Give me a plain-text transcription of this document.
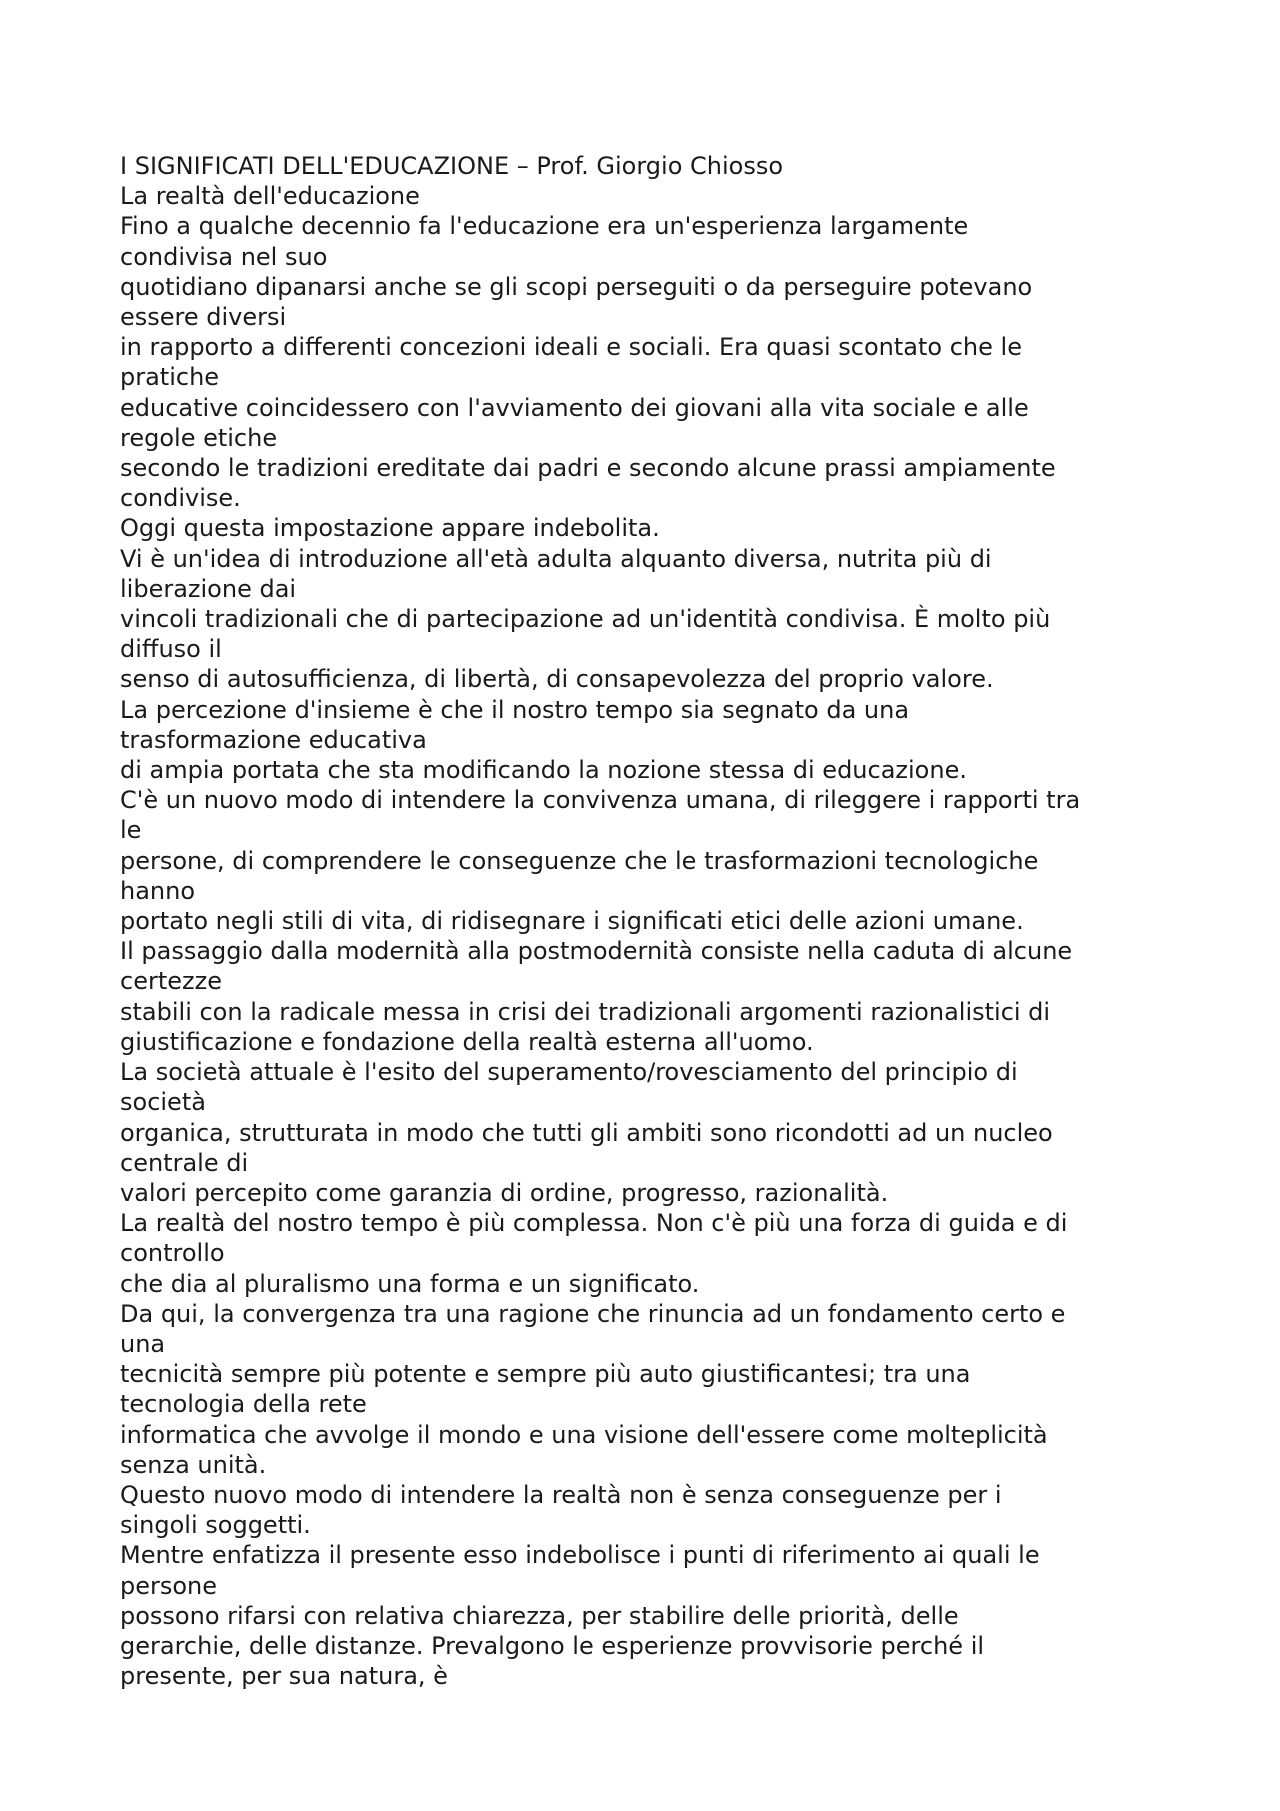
I SIGNIFICATI DELL'EDUCAZIONE – Prof. Giorgio Chiosso
La realtà dell'educazione
Fino a qualche decennio fa l'educazione era un'esperienza largamente
condivisa nel suo
quotidiano dipanarsi anche se gli scopi perseguiti o da perseguire potevano
essere diversi
in rapporto a differenti concezioni ideali e sociali. Era quasi scontato che le
pratiche
educative coincidessero con l'avviamento dei giovani alla vita sociale e alle
regole etiche
secondo le tradizioni ereditate dai padri e secondo alcune prassi ampiamente
condivise.
Oggi questa impostazione appare indebolita.
Vi è un'idea di introduzione all'età adulta alquanto diversa, nutrita più di
liberazione dai
vincoli tradizionali che di partecipazione ad un'identità condivisa. È molto più
diffuso il
senso di autosufficienza, di libertà, di consapevolezza del proprio valore.
La percezione d'insieme è che il nostro tempo sia segnato da una
trasformazione educativa
di ampia portata che sta modificando la nozione stessa di educazione.
C'è un nuovo modo di intendere la convivenza umana, di rileggere i rapporti tra
le
persone, di comprendere le conseguenze che le trasformazioni tecnologiche
hanno
portato negli stili di vita, di ridisegnare i significati etici delle azioni umane.
Il passaggio dalla modernità alla postmodernità consiste nella caduta di alcune
certezze
stabili con la radicale messa in crisi dei tradizionali argomenti razionalistici di
giustificazione e fondazione della realtà esterna all'uomo.
La società attuale è l'esito del superamento/rovesciamento del principio di
società
organica, strutturata in modo che tutti gli ambiti sono ricondotti ad un nucleo
centrale di
valori percepito come garanzia di ordine, progresso, razionalità.
La realtà del nostro tempo è più complessa. Non c'è più una forza di guida e di
controllo
che dia al pluralismo una forma e un significato.
Da qui, la convergenza tra una ragione che rinuncia ad un fondamento certo e
una
tecnicità sempre più potente e sempre più auto giustificantesi; tra una
tecnologia della rete
informatica che avvolge il mondo e una visione dell'essere come molteplicità
senza unità.
Questo nuovo modo di intendere la realtà non è senza conseguenze per i
singoli soggetti.
Mentre enfatizza il presente esso indebolisce i punti di riferimento ai quali le
persone
possono rifarsi con relativa chiarezza, per stabilire delle priorità, delle
gerarchie, delle distanze. Prevalgono le esperienze provvisorie perché il
presente, per sua natura, è
